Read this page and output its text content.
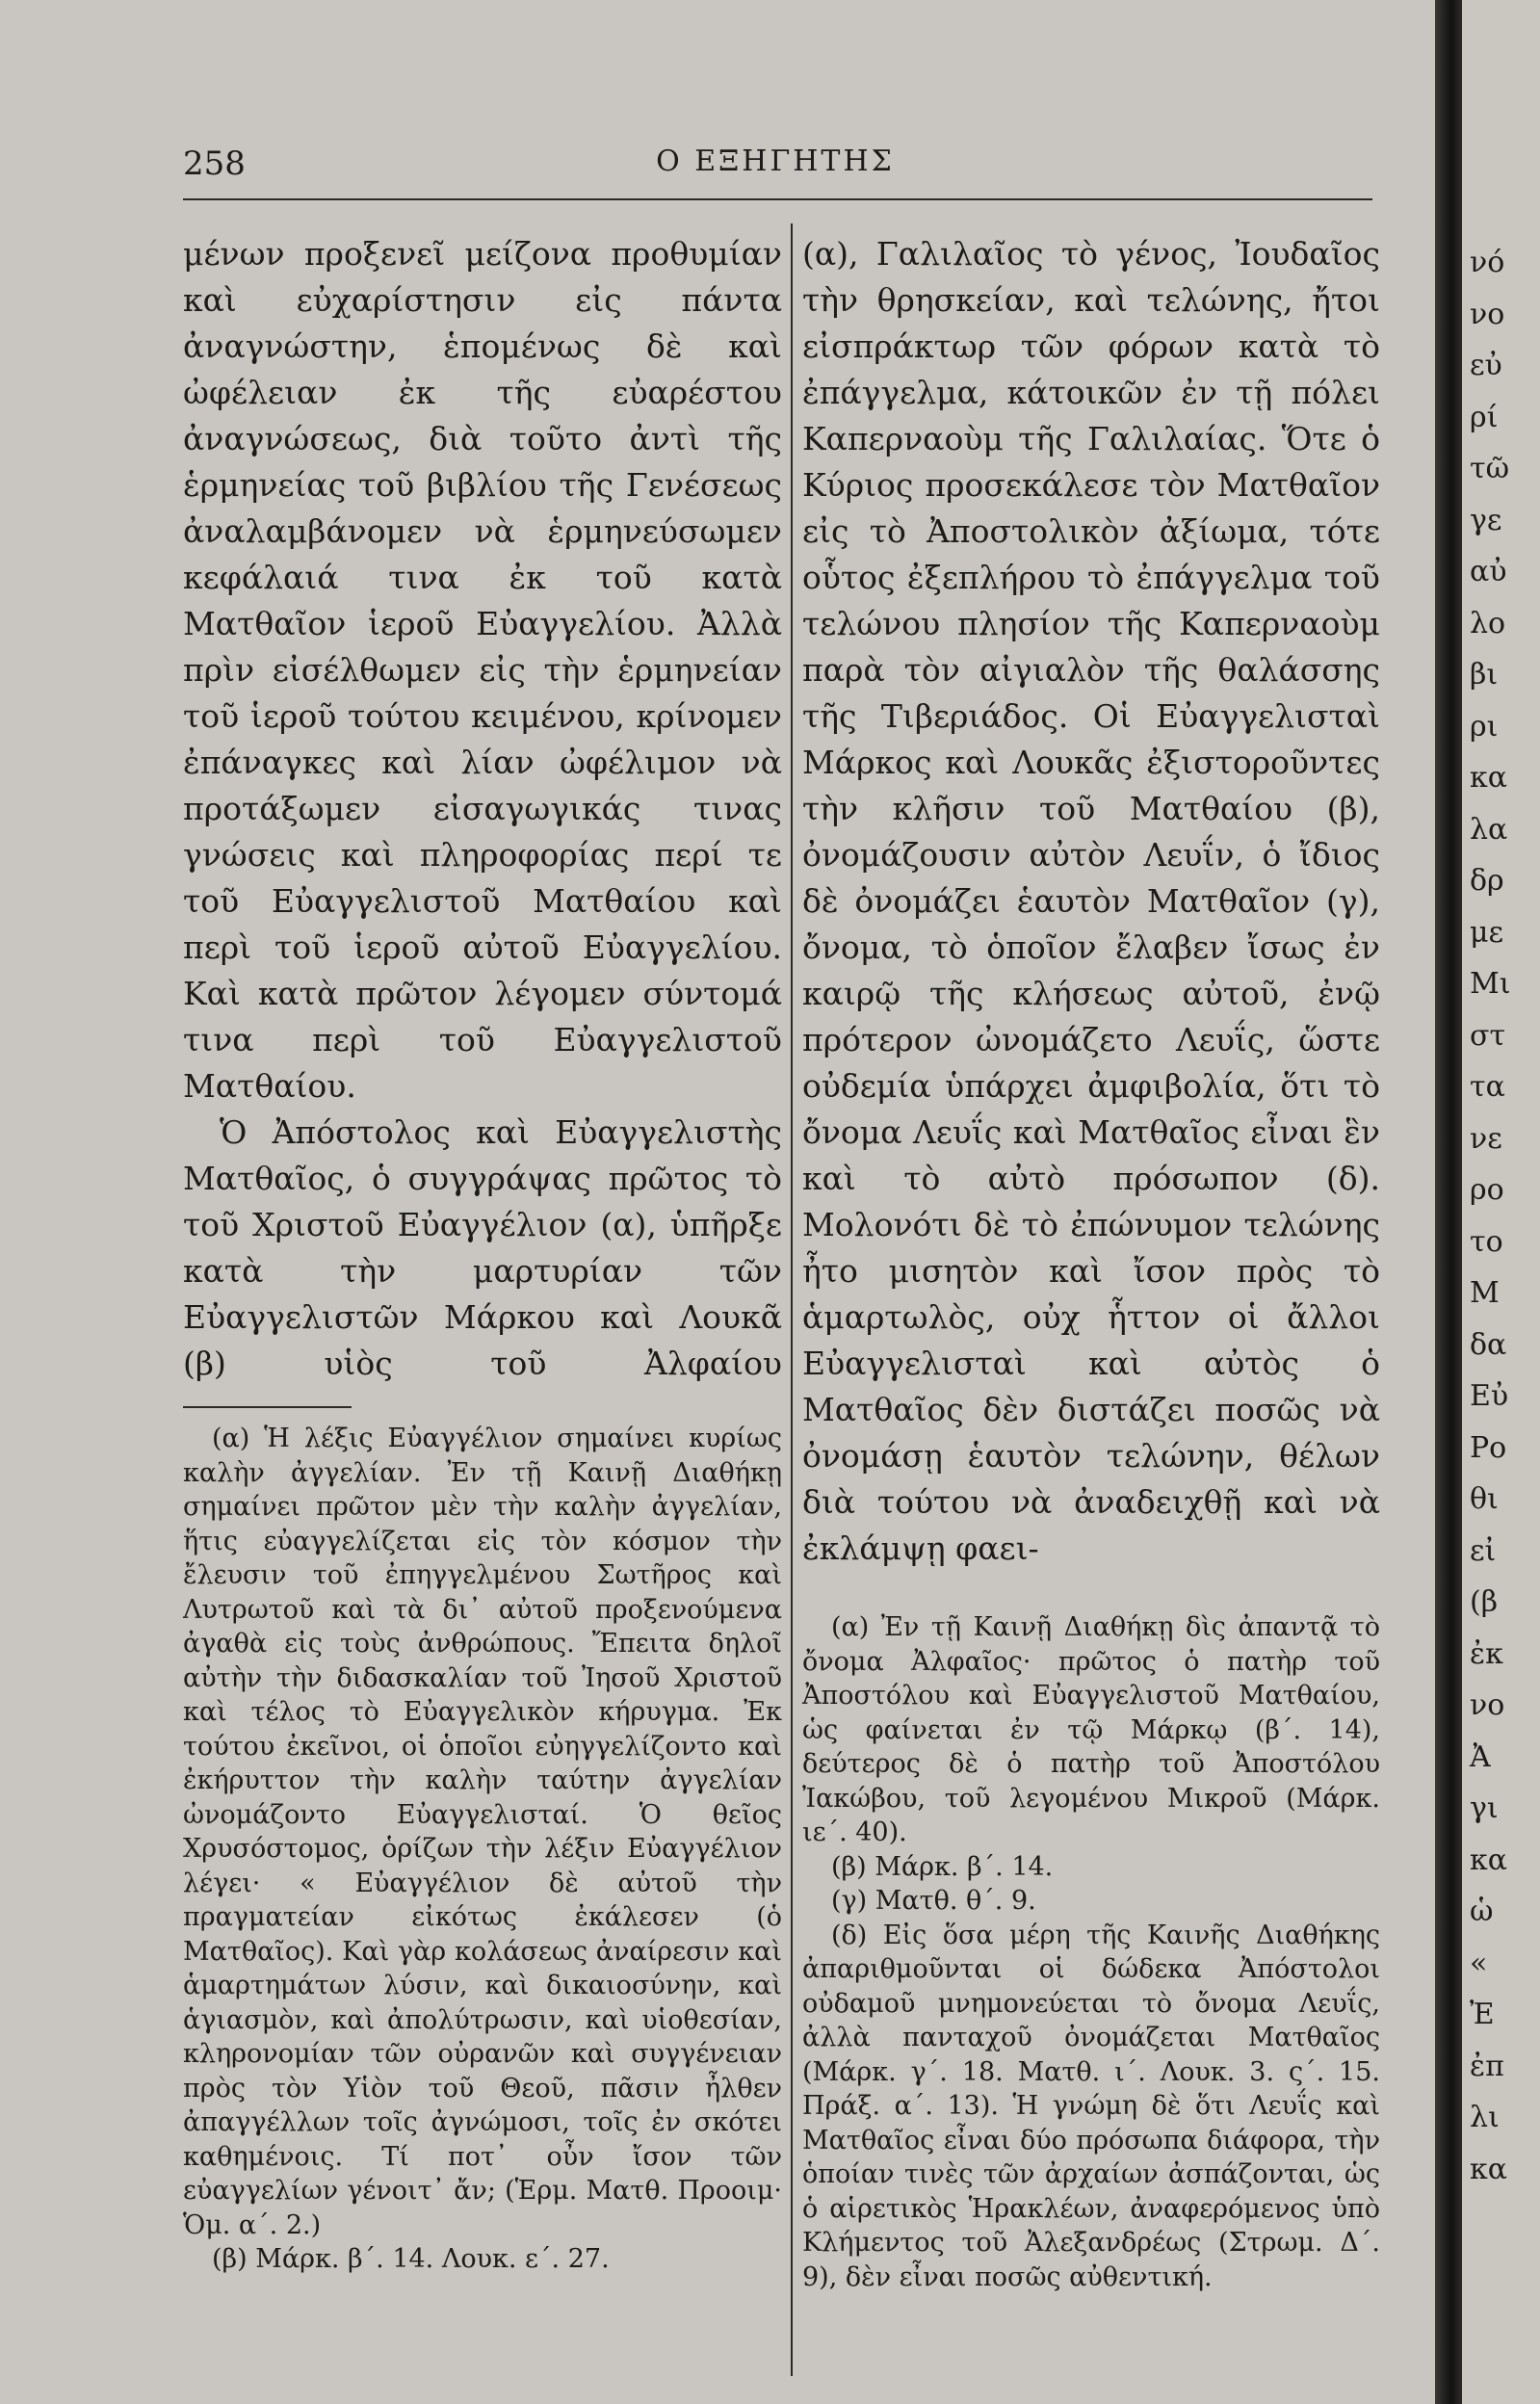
258	Ο ΕΞΗΓΗΤΗΣ

μένων προξενεῖ μείζονα προθυμίαν καὶ εὐχαρίστησιν εἰς πάντα ἀναγνώστην, ἑπομένως δὲ καὶ ὠφέλειαν ἐκ τῆς εὐαρέστου ἀναγνώσεως, διὰ τοῦτο ἀντὶ τῆς ἑρμηνείας τοῦ βιβλίου τῆς Γενέσεως ἀναλαμβάνομεν νὰ ἑρμηνεύσωμεν κεφάλαιά τινα ἐκ τοῦ κατὰ Ματθαῖον ἱεροῦ Εὐαγγελίου. Ἀλλὰ πρὶν εἰσέλθωμεν εἰς τὴν ἑρμηνείαν τοῦ ἱεροῦ τούτου κειμένου, κρίνομεν ἐπάναγκες καὶ λίαν ὠφέλιμον νὰ προτάξωμεν εἰσαγωγικάς τινας γνώσεις καὶ πληροφορίας περί τε τοῦ Εὐαγγελιστοῦ Ματθαίου καὶ περὶ τοῦ ἱεροῦ αὐτοῦ Εὐαγγελίου. Καὶ κατὰ πρῶτον λέγομεν σύντομά τινα περὶ τοῦ Εὐαγγελιστοῦ Ματθαίου.

Ὁ Ἀπόστολος καὶ Εὐαγγελιστὴς Ματθαῖος, ὁ συγγράψας πρῶτος τὸ τοῦ Χριστοῦ Εὐαγγέλιον (α), ὑπῆρξε κατὰ τὴν μαρτυρίαν τῶν Εὐαγγελιστῶν Μάρκου καὶ Λουκᾶ (β) υἱὸς τοῦ Ἀλφαίου

(α) Ἡ λέξις Εὐαγγέλιον σημαίνει κυρίως καλὴν ἀγγελίαν. Ἐν τῇ Καινῇ Διαθήκῃ σημαίνει πρῶτον μὲν τὴν καλὴν ἀγγελίαν, ἥτις εὐαγγελίζεται εἰς τὸν κόσμον τὴν ἔλευσιν τοῦ ἐπηγγελμένου Σωτῆρος καὶ Λυτρωτοῦ καὶ τὰ δι᾽ αὐτοῦ προξενούμενα ἀγαθὰ εἰς τοὺς ἀνθρώπους. Ἔπειτα δηλοῖ αὐτὴν τὴν διδασκαλίαν τοῦ Ἰησοῦ Χριστοῦ καὶ τέλος τὸ Εὐαγγελικὸν κήρυγμα. Ἐκ τούτου ἐκεῖνοι, οἱ ὁποῖοι εὐηγγελίζοντο καὶ ἐκήρυττον τὴν καλὴν ταύτην ἀγγελίαν ὠνομάζοντο Εὐαγγελισταί. Ὁ θεῖος Χρυσόστομος, ὁρίζων τὴν λέξιν Εὐαγγέλιον λέγει· « Εὐαγγέλιον δὲ αὐτοῦ τὴν πραγματείαν εἰκότως ἐκάλεσεν (ὁ Ματθαῖος). Καὶ γὰρ κολάσεως ἀναίρεσιν καὶ ἁμαρτημάτων λύσιν, καὶ δικαιοσύνην, καὶ ἁγιασμὸν, καὶ ἀπολύτρωσιν, καὶ υἱοθεσίαν, κληρονομίαν τῶν οὐρανῶν καὶ συγγένειαν πρὸς τὸν Υἱὸν τοῦ Θεοῦ, πᾶσιν ἦλθεν ἀπαγγέλλων τοῖς ἀγνώμοσι, τοῖς ἐν σκότει καθημένοις. Τί ποτ᾽ οὖν ἴσον τῶν εὐαγγελίων γένοιτ᾽ ἄν; (Ἑρμ. Ματθ. Προοιμ· Ὁμ. α΄. 2.)

(β) Μάρκ. β΄. 14. Λουκ. ε΄. 27.

(α), Γαλιλαῖος τὸ γένος, Ἰουδαῖος τὴν θρησκείαν, καὶ τελώνης, ἤτοι εἰσπράκτωρ τῶν φόρων κατὰ τὸ ἐπάγγελμα, κάτοικῶν ἐν τῇ πόλει Καπερναοὺμ τῆς Γαλιλαίας. Ὅτε ὁ Κύριος προσεκάλεσε τὸν Ματθαῖον εἰς τὸ Ἀποστολικὸν ἀξίωμα, τότε οὗτος ἐξεπλήρου τὸ ἐπάγγελμα τοῦ τελώνου πλησίον τῆς Καπερναοὺμ παρὰ τὸν αἰγιαλὸν τῆς θαλάσσης τῆς Τιβεριάδος. Οἱ Εὐαγγελισταὶ Μάρκος καὶ Λουκᾶς ἐξιστοροῦντες τὴν κλῆσιν τοῦ Ματθαίου (β), ὀνομάζουσιν αὐτὸν Λευΐν, ὁ ἴδιος δὲ ὀνομάζει ἑαυτὸν Ματθαῖον (γ), ὄνομα, τὸ ὁποῖον ἔλαβεν ἴσως ἐν καιρῷ τῆς κλήσεως αὐτοῦ, ἐνῷ πρότερον ὠνομάζετο Λευΐς, ὥστε οὐδεμία ὑπάρχει ἀμφιβολία, ὅτι τὸ ὄνομα Λευΐς καὶ Ματθαῖος εἶναι ἓν καὶ τὸ αὐτὸ πρόσωπον (δ). Μολονότι δὲ τὸ ἐπώνυμον τελώνης ἦτο μισητὸν καὶ ἴσον πρὸς τὸ ἁμαρτωλὸς, οὐχ ἧττον οἱ ἄλλοι Εὐαγγελισταὶ καὶ αὐτὸς ὁ Ματθαῖος δὲν διστάζει ποσῶς νὰ ὀνομάσῃ ἑαυτὸν τελώνην, θέλων διὰ τούτου νὰ ἀναδειχθῇ καὶ νὰ ἐκλάμψῃ φαει-

(α) Ἐν τῇ Καινῇ Διαθήκῃ δὶς ἀπαντᾷ τὸ ὄνομα Ἀλφαῖος· πρῶτος ὁ πατὴρ τοῦ Ἀποστόλου καὶ Εὐαγγελιστοῦ Ματθαίου, ὡς φαίνεται ἐν τῷ Μάρκῳ (β΄. 14), δεύτερος δὲ ὁ πατὴρ τοῦ Ἀποστόλου Ἰακώβου, τοῦ λεγομένου Μικροῦ (Μάρκ. ιε΄. 40).

(β) Μάρκ. β΄. 14.

(γ) Ματθ. θ΄. 9.

(δ) Εἰς ὅσα μέρη τῆς Καινῆς Διαθήκης ἀπαριθμοῦνται οἱ δώδεκα Ἀπόστολοι οὐδαμοῦ μνημονεύεται τὸ ὄνομα Λευΐς, ἀλλὰ πανταχοῦ ὀνομάζεται Ματθαῖος (Μάρκ. γ΄. 18. Ματθ. ι΄. Λουκ. 3. ς΄. 15. Πράξ. α΄. 13). Ἡ γνώμη δὲ ὅτι Λευΐς καὶ Ματθαῖος εἶναι δύο πρόσωπα διάφορα, τὴν ὁποίαν τινὲς τῶν ἀρχαίων ἀσπάζονται, ὡς ὁ αἱρετικὸς Ἡρακλέων, ἀναφερόμενος ὑπὸ Κλήμεντος τοῦ Ἀλεξανδρέως (Στρωμ. Δ΄. 9), δὲν εἶναι ποσῶς αὐθεντική.

νό
νο
εὐ
ρί
τῶ
γε
αὐ
λο
βι
ρι
κα
λα
δρ
με
Μι
στ
τα
νε
ρο
το
Μ
δα
Εὐ
Ρο
θι
εἰ
(β
ἐκ
νο
Ἀ
γι
κα
ὡ
«
Ἐ
ἐπ
λι
κα
